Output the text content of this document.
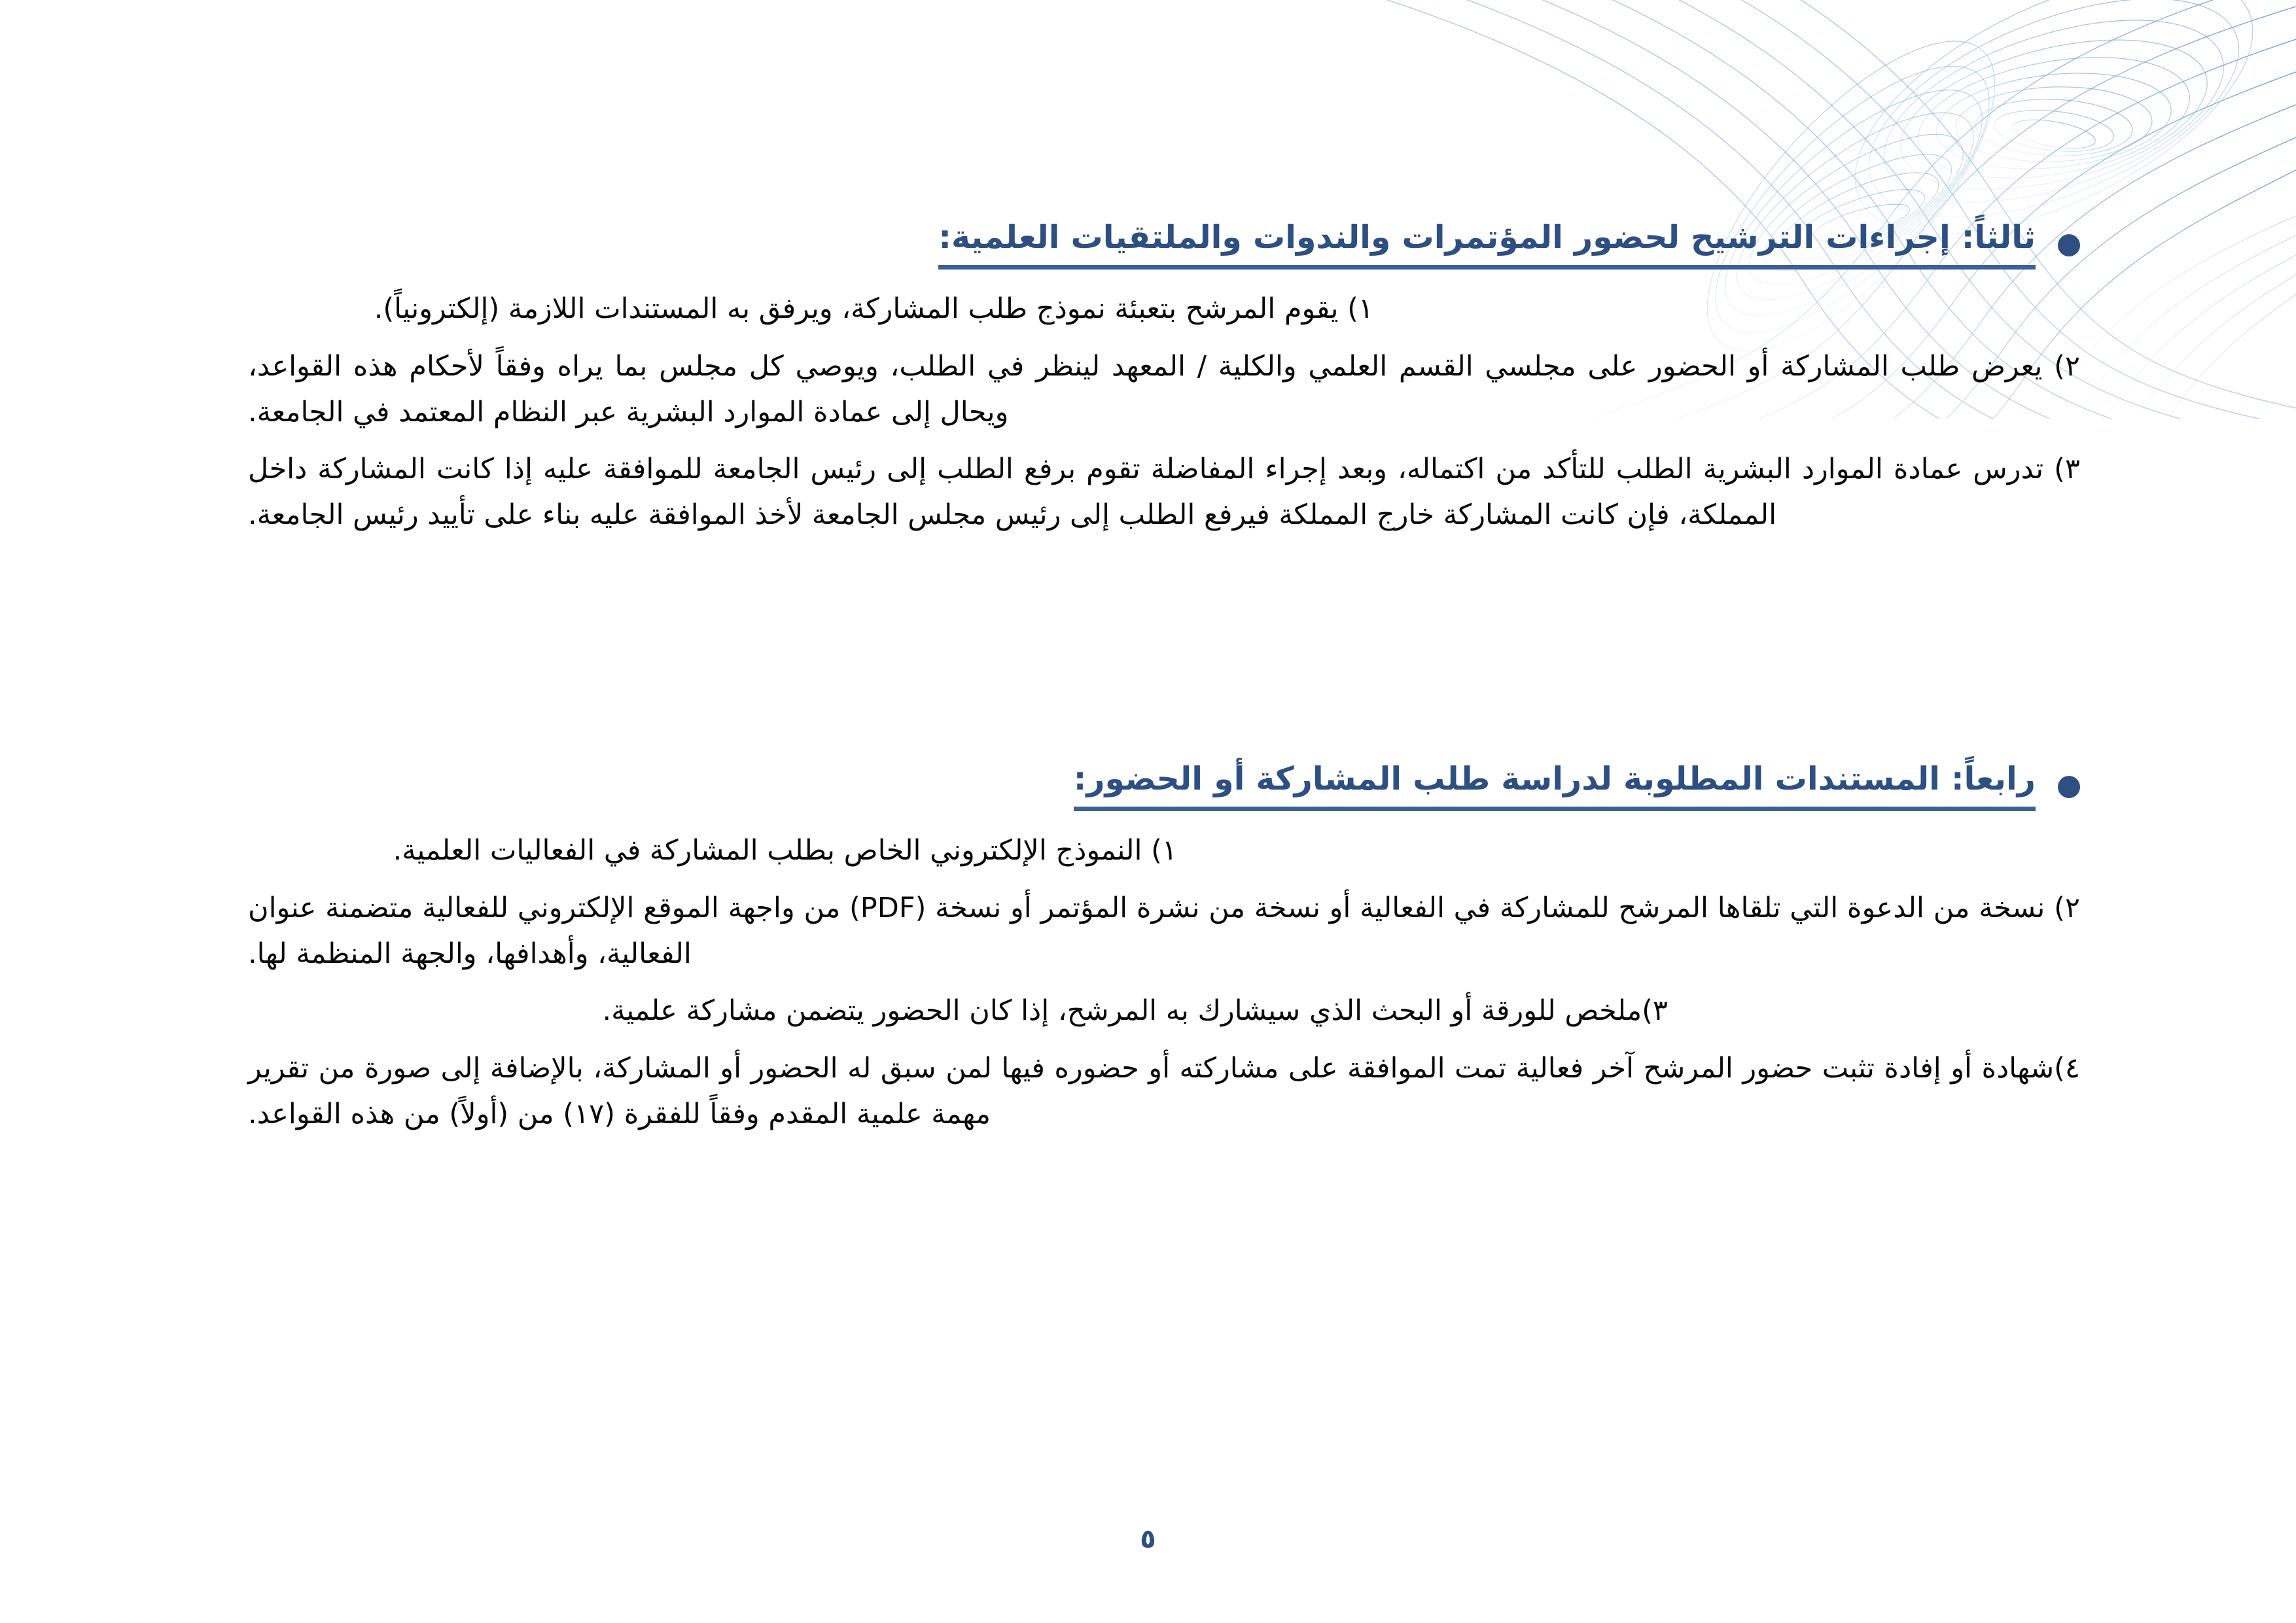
ثالثاً: إجراءات الترشيح لحضور المؤتمرات والندوات والملتقيات العلمية:

١) يقوم المرشح بتعبئة نموذج طلب المشاركة، ويرفق به المستندات اللازمة (إلكترونياً).

٢) يعرض طلب المشاركة أو الحضور على مجلسي القسم العلمي والكلية / المعهد لينظر في الطلب، ويوصي كل مجلس بما يراه وفقاً لأحكام هذه القواعد، ويحال إلى عمادة الموارد البشرية عبر النظام المعتمد في الجامعة.

٣) تدرس عمادة الموارد البشرية الطلب للتأكد من اكتماله، وبعد إجراء المفاضلة تقوم برفع الطلب إلى رئيس الجامعة للموافقة عليه إذا كانت المشاركة داخل المملكة، فإن كانت المشاركة خارج المملكة فيرفع الطلب إلى رئيس مجلس الجامعة لأخذ الموافقة عليه بناء على تأييد رئيس الجامعة.

رابعاً: المستندات المطلوبة لدراسة طلب المشاركة أو الحضور:

١) النموذج الإلكتروني الخاص بطلب المشاركة في الفعاليات العلمية.

٢) نسخة من الدعوة التي تلقاها المرشح للمشاركة في الفعالية أو نسخة من نشرة المؤتمر أو نسخة (PDF) من واجهة الموقع الإلكتروني للفعالية متضمنة عنوان الفعالية، وأهدافها، والجهة المنظمة لها.

٣)ملخص للورقة أو البحث الذي سيشارك به المرشح، إذا كان الحضور يتضمن مشاركة علمية.

٤)شهادة أو إفادة تثبت حضور المرشح آخر فعالية تمت الموافقة على مشاركته أو حضوره فيها لمن سبق له الحضور أو المشاركة، بالإضافة إلى صورة من تقرير مهمة علمية المقدم وفقاً للفقرة (١٧) من (أولاً) من هذه القواعد.

٥
